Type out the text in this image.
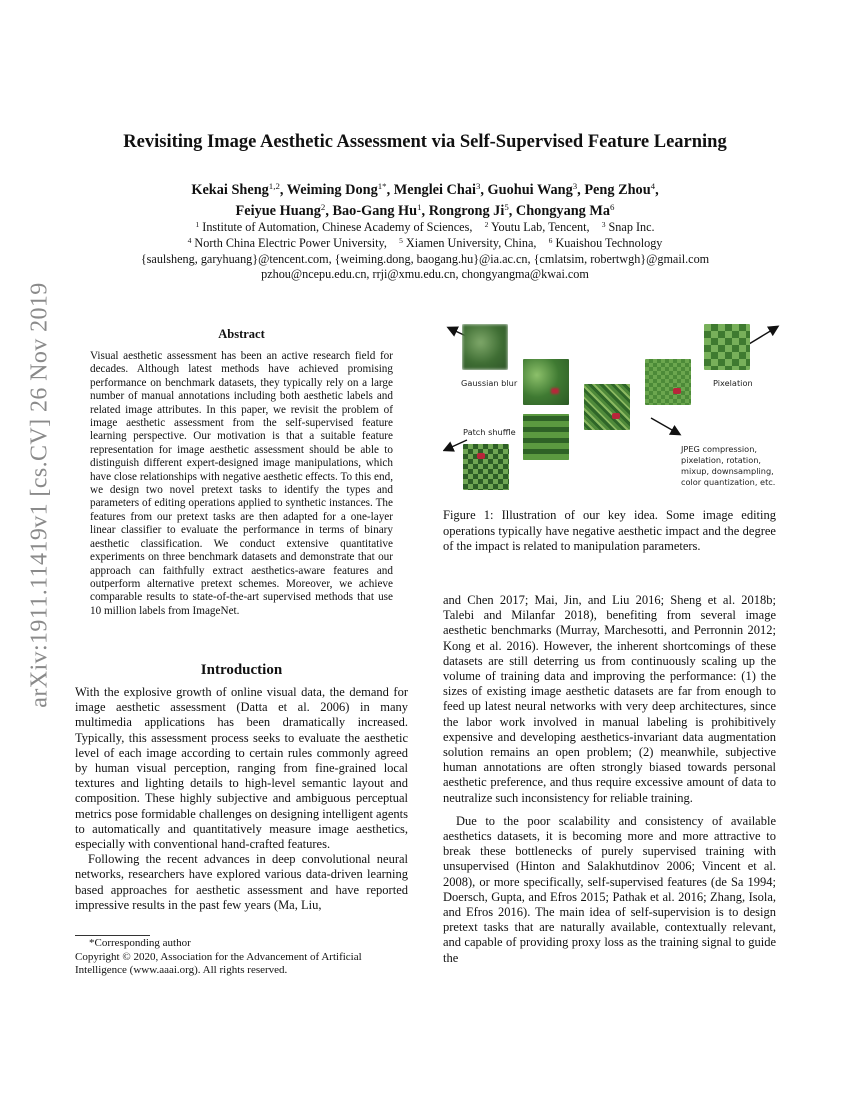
arXiv:1911.11419v1 [cs.CV] 26 Nov 2019
Revisiting Image Aesthetic Assessment via Self-Supervised Feature Learning
Kekai Sheng$^{1,2}$, Weiming Dong$^{1*}$, Menglei Chai$^3$, Guohui Wang$^3$, Peng Zhou$^4$,
Feiyue Huang$^2$, Bao-Gang Hu$^1$, Rongrong Ji$^5$, Chongyang Ma$^6$
$^1$ Institute of Automation, Chinese Academy of Sciences, $^2$ Youtu Lab, Tencent, $^3$ Snap Inc.
$^4$ North China Electric Power University, $^5$ Xiamen University, China, $^6$ Kuaishou Technology
{saulsheng, garyhuang}@tencent.com, {weiming.dong, baogang.hu}@ia.ac.cn, {cmlatsim, robertwgh}@gmail.com
pzhou@ncepu.edu.cn, rrji@xmu.edu.cn, chongyangma@kwai.com
Abstract

Visual aesthetic assessment has been an active research field for decades. Although latest methods have achieved promising performance on benchmark datasets, they typically rely on a large number of manual annotations including both aesthetic labels and related image attributes. In this paper, we revisit the problem of image aesthetic assessment from the self-supervised feature learning perspective. Our motivation is that a suitable feature representation for image aesthetic assessment should be able to distinguish different expert-designed image manipulations, which have close relationships with negative aesthetic effects. To this end, we design two novel pretext tasks to identify the types and parameters of editing operations applied to synthetic instances. The features from our pretext tasks are then adapted for a one-layer linear classifier to evaluate the performance in terms of binary aesthetic classification. We conduct extensive quantitative experiments on three benchmark datasets and demonstrate that our approach can faithfully extract aesthetics-aware features and outperform alternative pretext schemes. Moreover, we achieve comparable results to state-of-the-art supervised methods that use 10 million labels from ImageNet.

Introduction

With the explosive growth of online visual data, the demand for image aesthetic assessment (Datta et al. 2006) in many multimedia applications has been dramatically increased. Typically, this assessment process seeks to evaluate the aesthetic level of each image according to certain rules commonly agreed by human visual perception, ranging from fine-grained local textures and lighting details to high-level semantic layout and composition. These highly subjective and ambiguous perceptual metrics pose formidable challenges on designing intelligent agents to automatically and quantitatively measure image aesthetics, especially with conventional hand-crafted features.

Following the recent advances in deep convolutional neural networks, researchers have explored various data-driven learning based approaches for aesthetic assessment and have reported impressive results in the past few years (Ma, Liu,

*Corresponding author
Copyright © 2020, Association for the Advancement of Artificial Intelligence (www.aaai.org). All rights reserved.
Gaussian blur	Pixelation
Patch shuffle
JPEG compression,
pixelation, rotation,
mixup, downsampling,
color quantization, etc.

Figure 1: Illustration of our key idea. Some image editing operations typically have negative aesthetic impact and the degree of the impact is related to manipulation parameters.

and Chen 2017; Mai, Jin, and Liu 2016; Sheng et al. 2018b; Talebi and Milanfar 2018), benefiting from several image aesthetic benchmarks (Murray, Marchesotti, and Perronnin 2012; Kong et al. 2016). However, the inherent shortcomings of these datasets are still deterring us from continuously scaling up the volume of training data and improving the performance: (1) the sizes of existing image aesthetic datasets are far from enough to feed up latest neural networks with very deep architectures, since the labor work involved in manual labeling is prohibitively expensive and developing aesthetics-invariant data augmentation solution remains an open problem; (2) meanwhile, subjective human annotations are often strongly biased towards personal aesthetic preference, and thus require excessive amount of data to neutralize such inconsistency for reliable training.

Due to the poor scalability and consistency of available aesthetics datasets, it is becoming more and more attractive to break these bottlenecks of purely supervised training with unsupervised (Hinton and Salakhutdinov 2006; Vincent et al. 2008), or more specifically, self-supervised features (de Sa 1994; Doersch, Gupta, and Efros 2015; Pathak et al. 2016; Zhang, Isola, and Efros 2016). The main idea of self-supervision is to design pretext tasks that are naturally available, contextually relevant, and capable of providing proxy loss as the training signal to guide the
